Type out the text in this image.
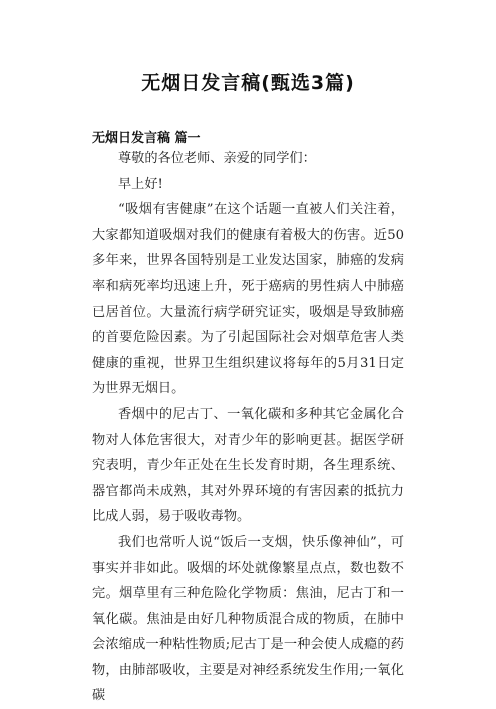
无烟日发言稿(甄选3篇)
无烟日发言稿 篇一

尊敬的各位老师、亲爱的同学们：

早上好!

“吸烟有害健康”在这个话题一直被人们关注着，大家都知道吸烟对我们的健康有着极大的伤害。近50多年来，世界各国特别是工业发达国家，肺癌的发病率和病死率均迅速上升，死于癌病的男性病人中肺癌已居首位。大量流行病学研究证实，吸烟是导致肺癌的首要危险因素。为了引起国际社会对烟草危害人类健康的重视，世界卫生组织建议将每年的5月31日定为世界无烟日。

香烟中的尼古丁、一氧化碳和多种其它金属化合物对人体危害很大，对青少年的影响更甚。据医学研究表明，青少年正处在生长发育时期，各生理系统、器官都尚未成熟，其对外界环境的有害因素的抵抗力比成人弱，易于吸收毒物。

我们也常听人说“饭后一支烟，快乐像神仙”，可事实并非如此。吸烟的坏处就像繁星点点，数也数不完。烟草里有三种危险化学物质：焦油，尼古丁和一氧化碳。焦油是由好几种物质混合成的物质，在肺中会浓缩成一种粘性物质;尼古丁是一种会使人成瘾的药物，由肺部吸收，主要是对神经系统发生作用;一氧化碳
